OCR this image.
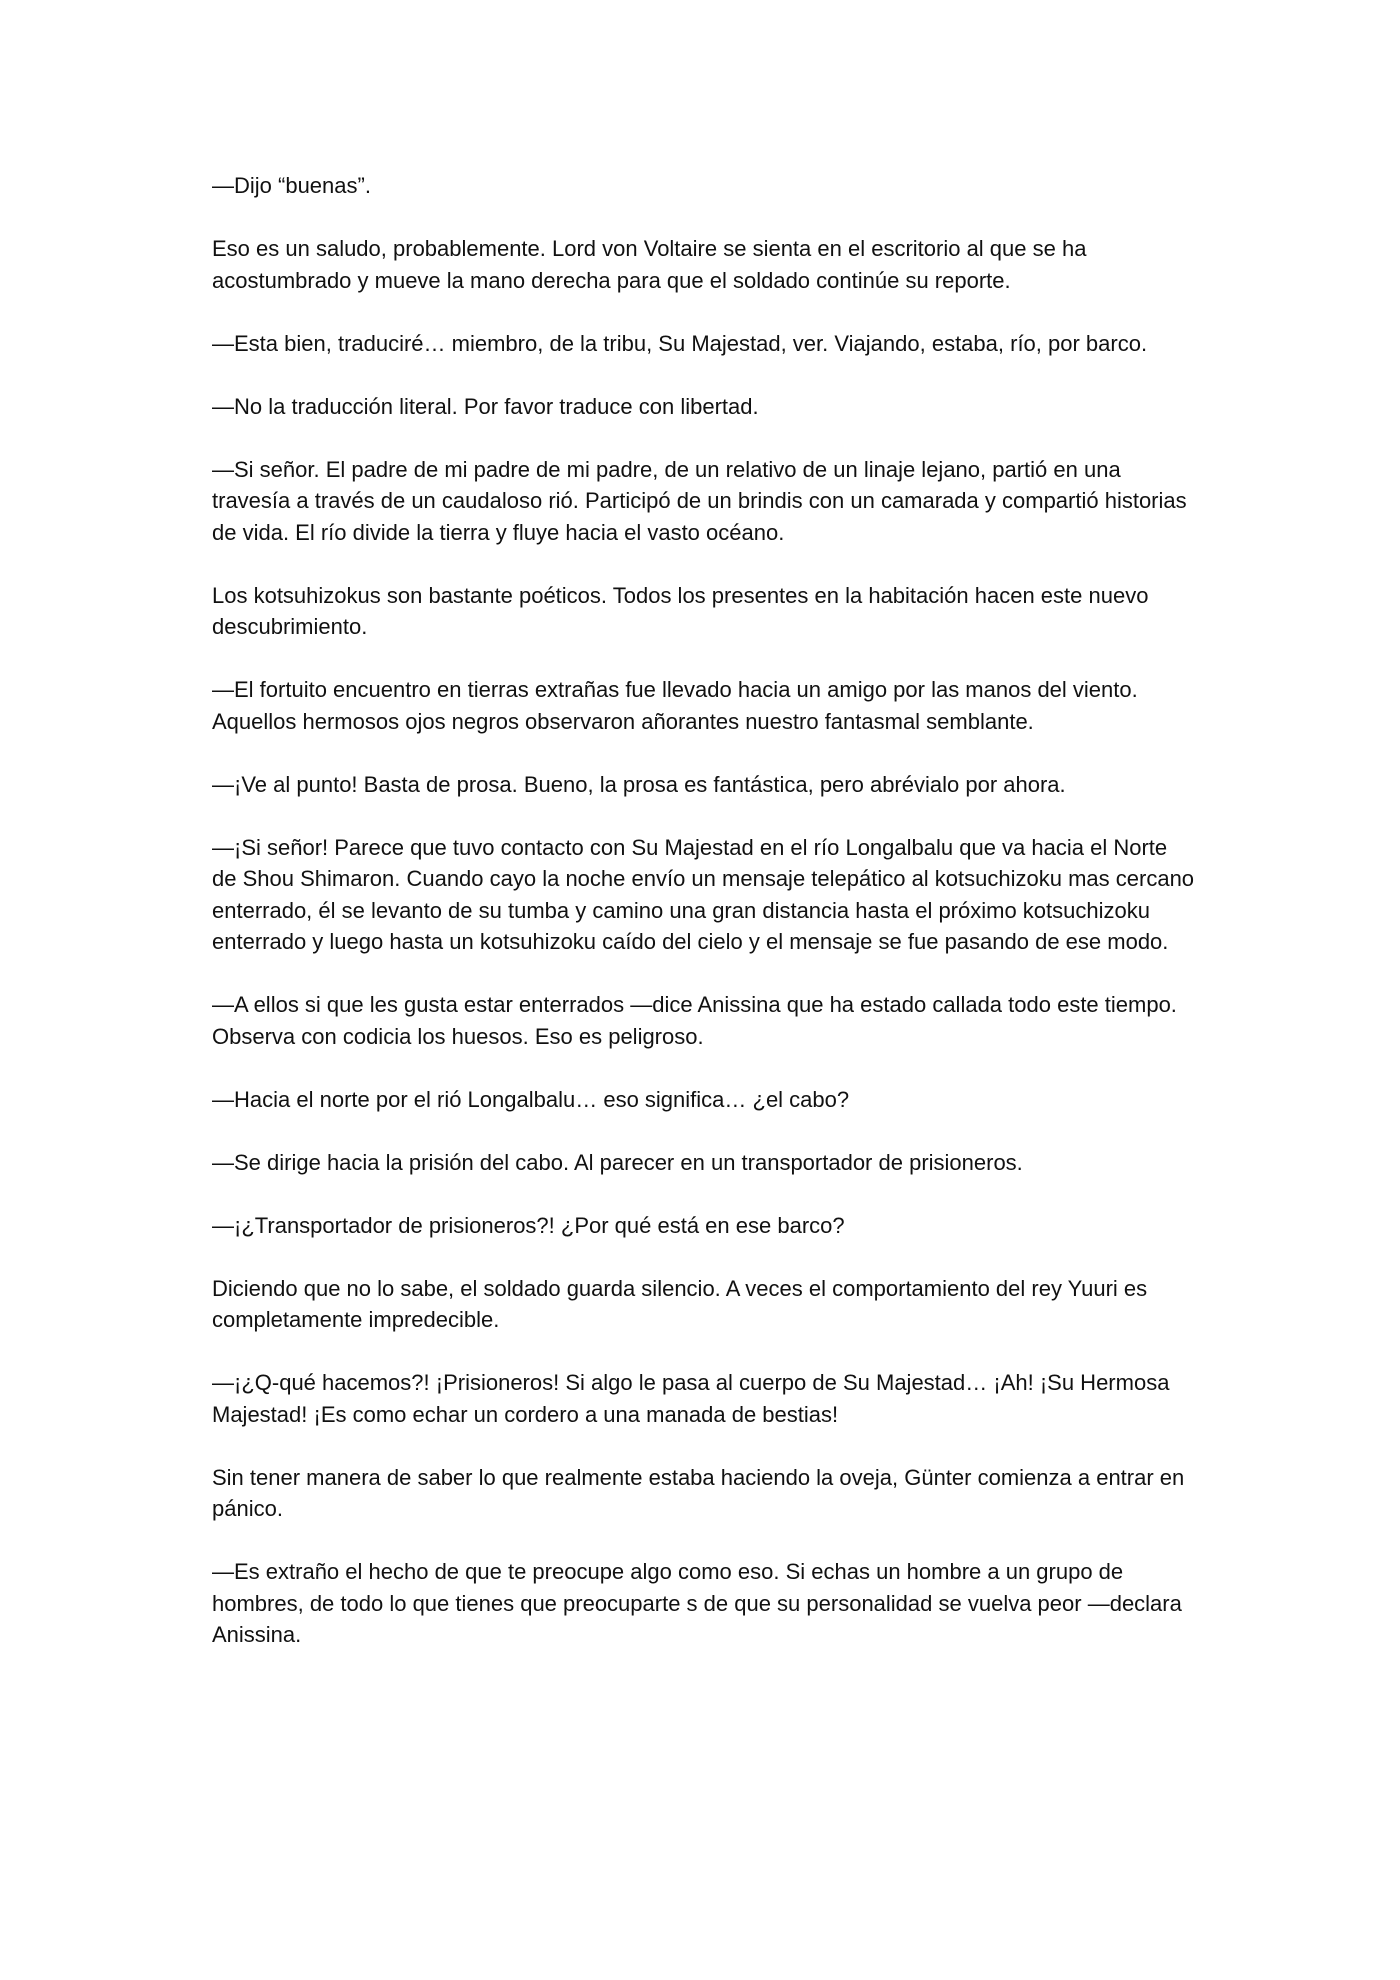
—Dijo “buenas”.

Eso es un saludo, probablemente. Lord von Voltaire se sienta en el escritorio al que se ha acostumbrado y mueve la mano derecha para que el soldado continúe su reporte.

—Esta bien, traduciré… miembro, de la tribu, Su Majestad, ver. Viajando, estaba, río, por barco.

—No la traducción literal. Por favor traduce con libertad.

—Si señor. El padre de mi padre de mi padre, de un relativo de un linaje lejano, partió en una travesía a través de un caudaloso rió. Participó de un brindis con un camarada y compartió historias de vida. El río divide la tierra y fluye hacia el vasto océano.

Los kotsuhizokus son bastante poéticos. Todos los presentes en la habitación hacen este nuevo descubrimiento.

—El fortuito encuentro en tierras extrañas fue llevado hacia un amigo por las manos del viento. Aquellos hermosos ojos negros observaron añorantes nuestro fantasmal semblante.

—¡Ve al punto! Basta de prosa. Bueno, la prosa es fantástica, pero abrévialo por ahora.

—¡Si señor! Parece que tuvo contacto con Su Majestad en el río Longalbalu que va hacia el Norte de Shou Shimaron. Cuando cayo la noche envío un mensaje telepático al kotsuchizoku mas cercano enterrado, él se levanto de su tumba y camino una gran distancia hasta el próximo kotsuchizoku enterrado y luego hasta un kotsuhizoku caído del cielo y el mensaje se fue pasando de ese modo.

—A ellos si que les gusta estar enterrados —dice Anissina que ha estado callada todo este tiempo. Observa con codicia los huesos. Eso es peligroso.

—Hacia el norte por el rió Longalbalu… eso significa… ¿el cabo?

—Se dirige hacia la prisión del cabo. Al parecer en un transportador de prisioneros.

—¡¿Transportador de prisioneros?! ¿Por qué está en ese barco?

Diciendo que no lo sabe, el soldado guarda silencio. A veces el comportamiento del rey Yuuri es completamente impredecible.

—¡¿Q-qué hacemos?! ¡Prisioneros! Si algo le pasa al cuerpo de Su Majestad… ¡Ah! ¡Su Hermosa Majestad! ¡Es como echar un cordero a una manada de bestias!

Sin tener manera de saber lo que realmente estaba haciendo la oveja, Günter comienza a entrar en pánico.

—Es extraño el hecho de que te preocupe algo como eso. Si echas un hombre a un grupo de hombres, de todo lo que tienes que preocuparte s de que su personalidad se vuelva peor —declara Anissina.
